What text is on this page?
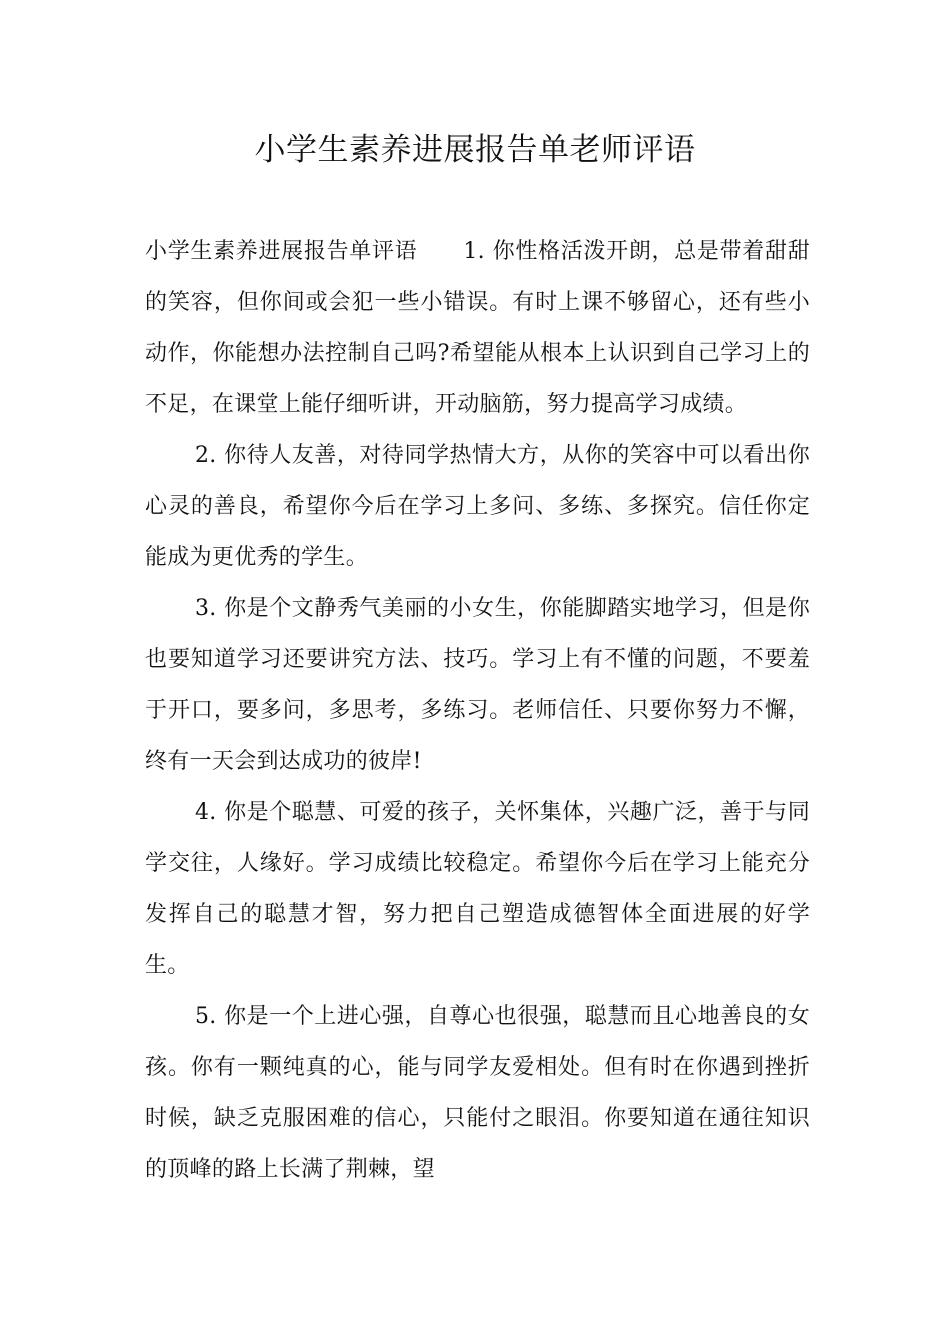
小学生素养进展报告单老师评语

小学生素养进展报告单评语 1. 你性格活泼开朗，总是带着甜甜的笑容，但你间或会犯一些小错误。有时上课不够留心，还有些小动作，你能想办法控制自己吗?希望能从根本上认识到自己学习上的不足，在课堂上能仔细听讲，开动脑筋，努力提高学习成绩。

2. 你待人友善，对待同学热情大方，从你的笑容中可以看出你心灵的善良，希望你今后在学习上多问、多练、多探究。信任你定能成为更优秀的学生。

3. 你是个文静秀气美丽的小女生，你能脚踏实地学习，但是你也要知道学习还要讲究方法、技巧。学习上有不懂的问题，不要羞于开口，要多问，多思考，多练习。老师信任、只要你努力不懈，终有一天会到达成功的彼岸!

4. 你是个聪慧、可爱的孩子，关怀集体，兴趣广泛，善于与同学交往，人缘好。学习成绩比较稳定。希望你今后在学习上能充分发挥自己的聪慧才智，努力把自己塑造成德智体全面进展的好学生。

5. 你是一个上进心强，自尊心也很强，聪慧而且心地善良的女孩。你有一颗纯真的心，能与同学友爱相处。但有时在你遇到挫折时候，缺乏克服困难的信心，只能付之眼泪。你要知道在通往知识的顶峰的路上长满了荆棘，望
